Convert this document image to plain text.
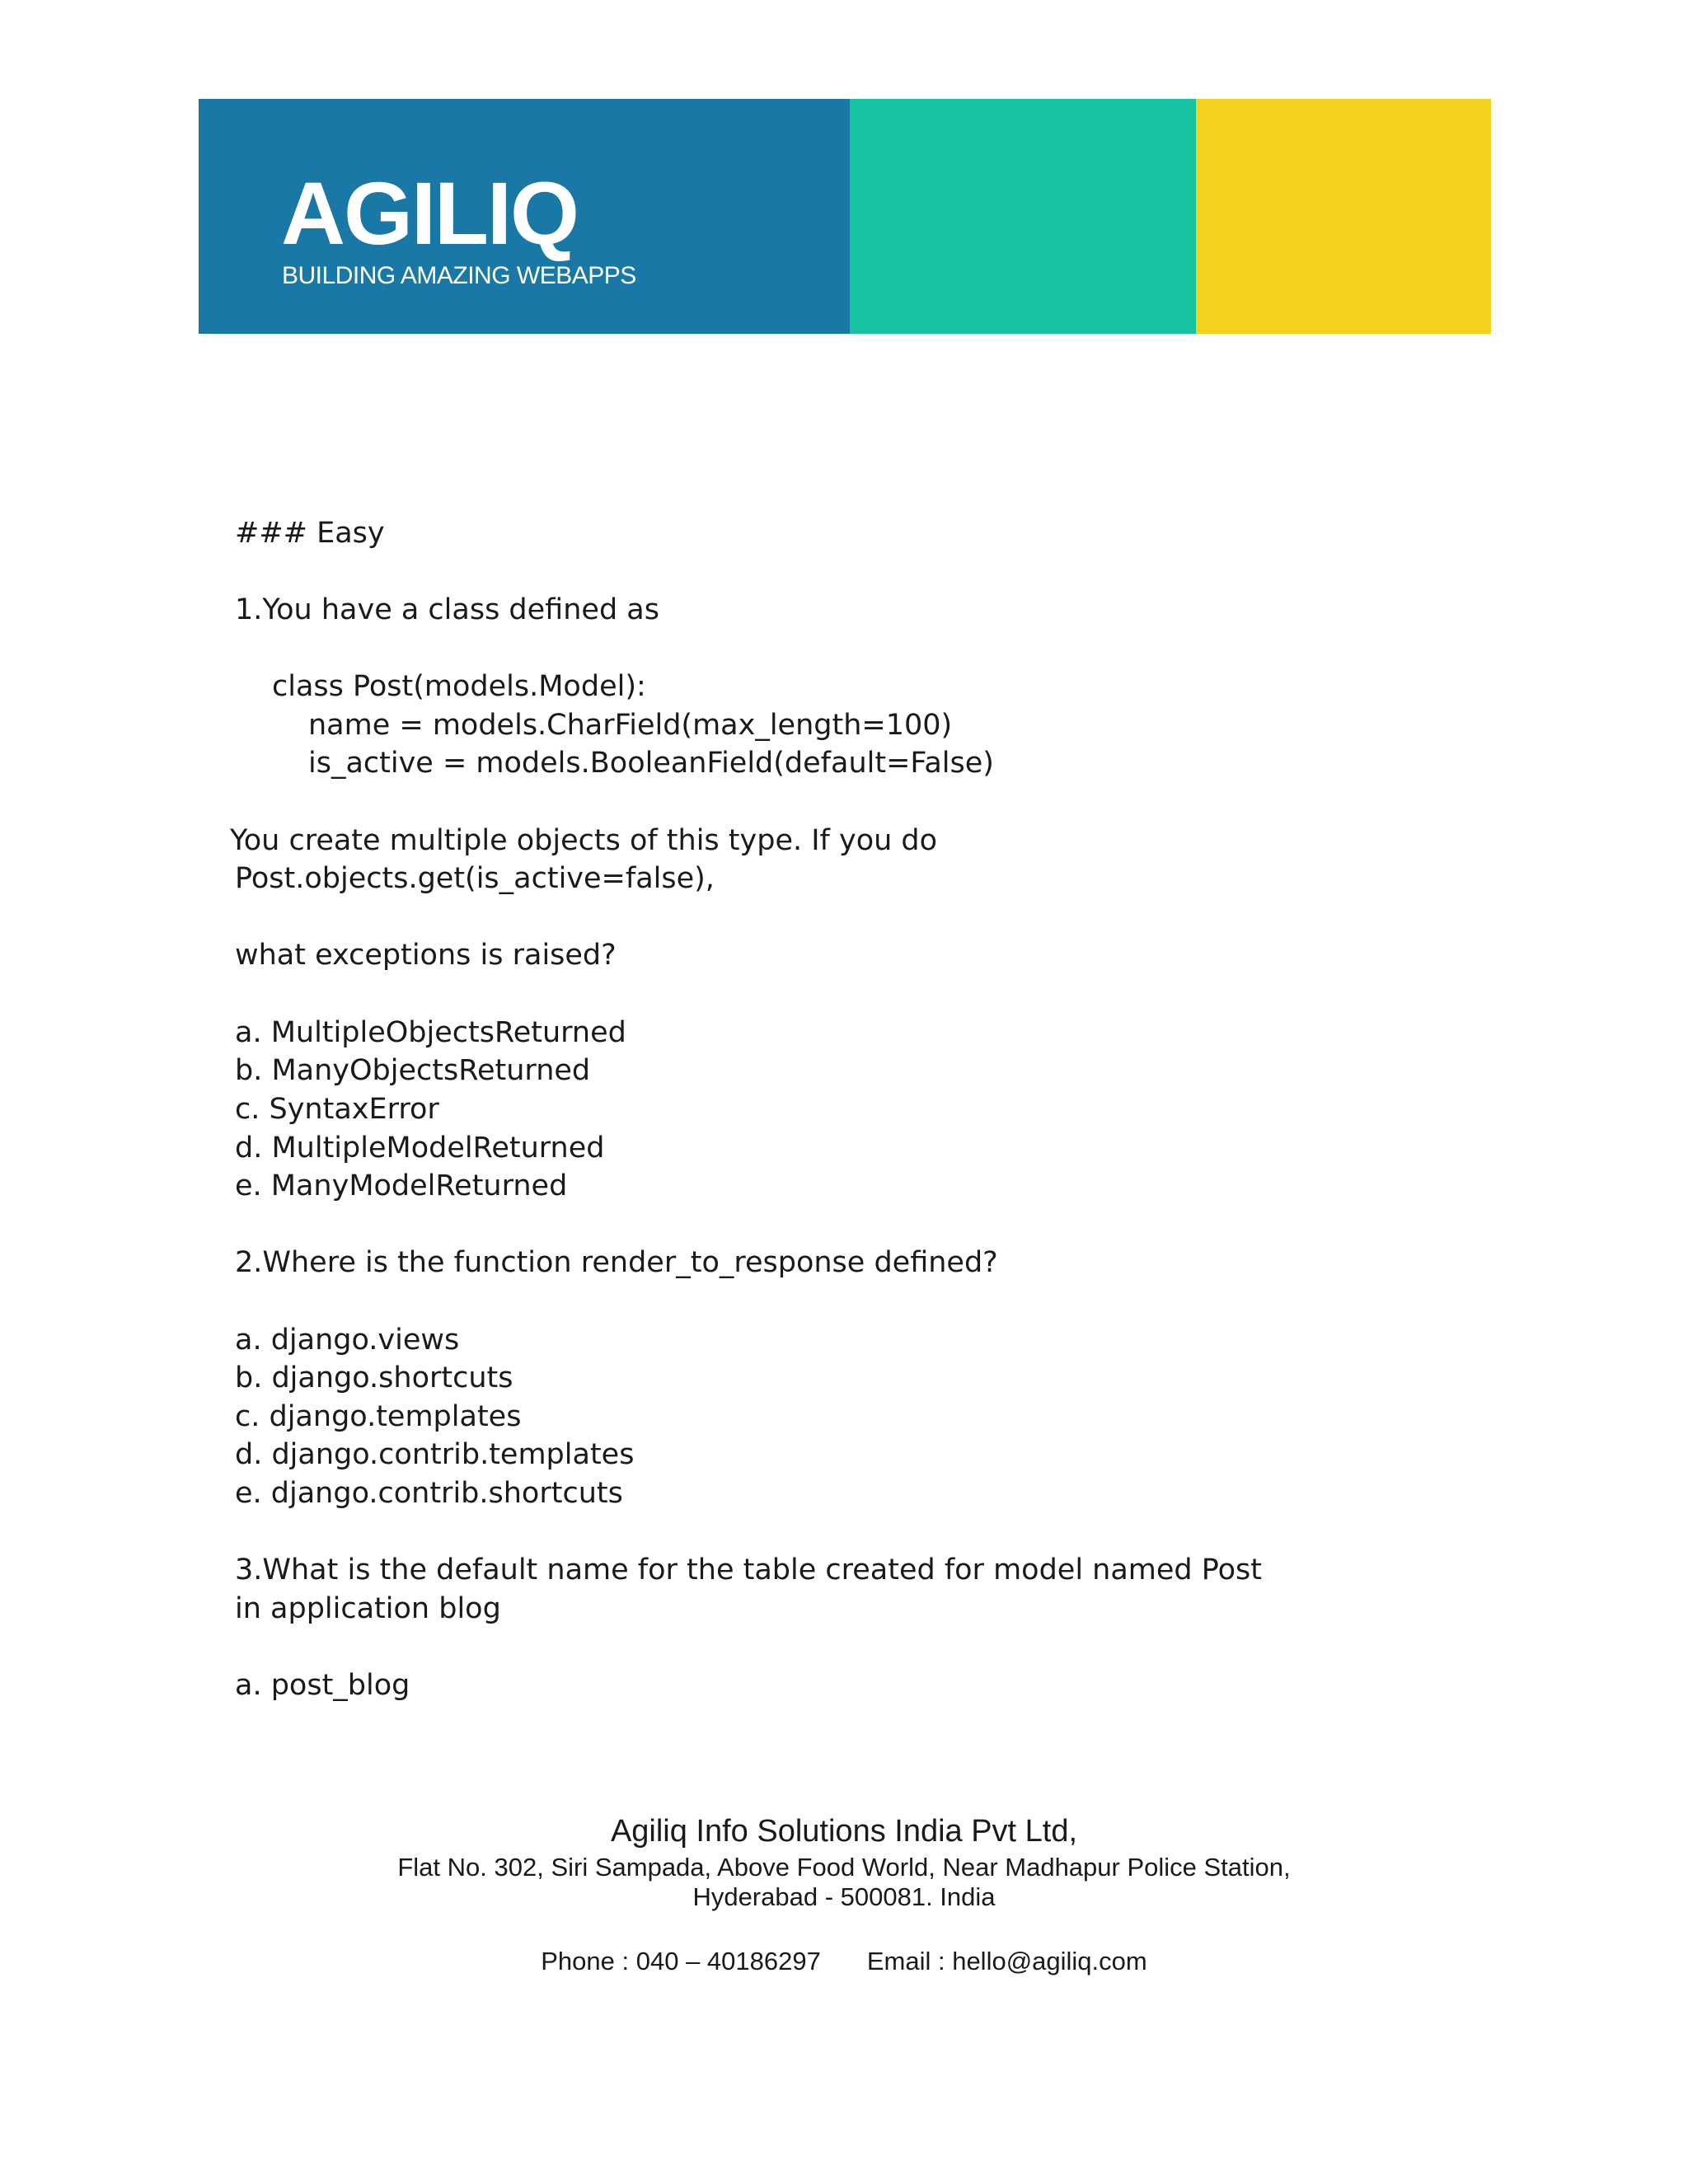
AGILIQ
BUILDING AMAZING WEBAPPS
### Easy
1.You have a class defined as
class Post(models.Model):
name = models.CharField(max_length=100)
is_active = models.BooleanField(default=False)
You create multiple objects of this type. If you do
Post.objects.get(is_active=false),
what exceptions is raised?
a. MultipleObjectsReturned
b. ManyObjectsReturned
c. SyntaxError
d. MultipleModelReturned
e. ManyModelReturned
2.Where is the function render_to_response defined?
a. django.views
b. django.shortcuts
c. django.templates
d. django.contrib.templates
e. django.contrib.shortcuts
3.What is the default name for the table created for model named Post
in application blog
a. post_blog
Agiliq Info Solutions India Pvt Ltd,
Flat No. 302, Siri Sampada, Above Food World, Near Madhapur Police Station,
Hyderabad - 500081. India
Phone : 040 – 40186297 Email : hello@agiliq.com
